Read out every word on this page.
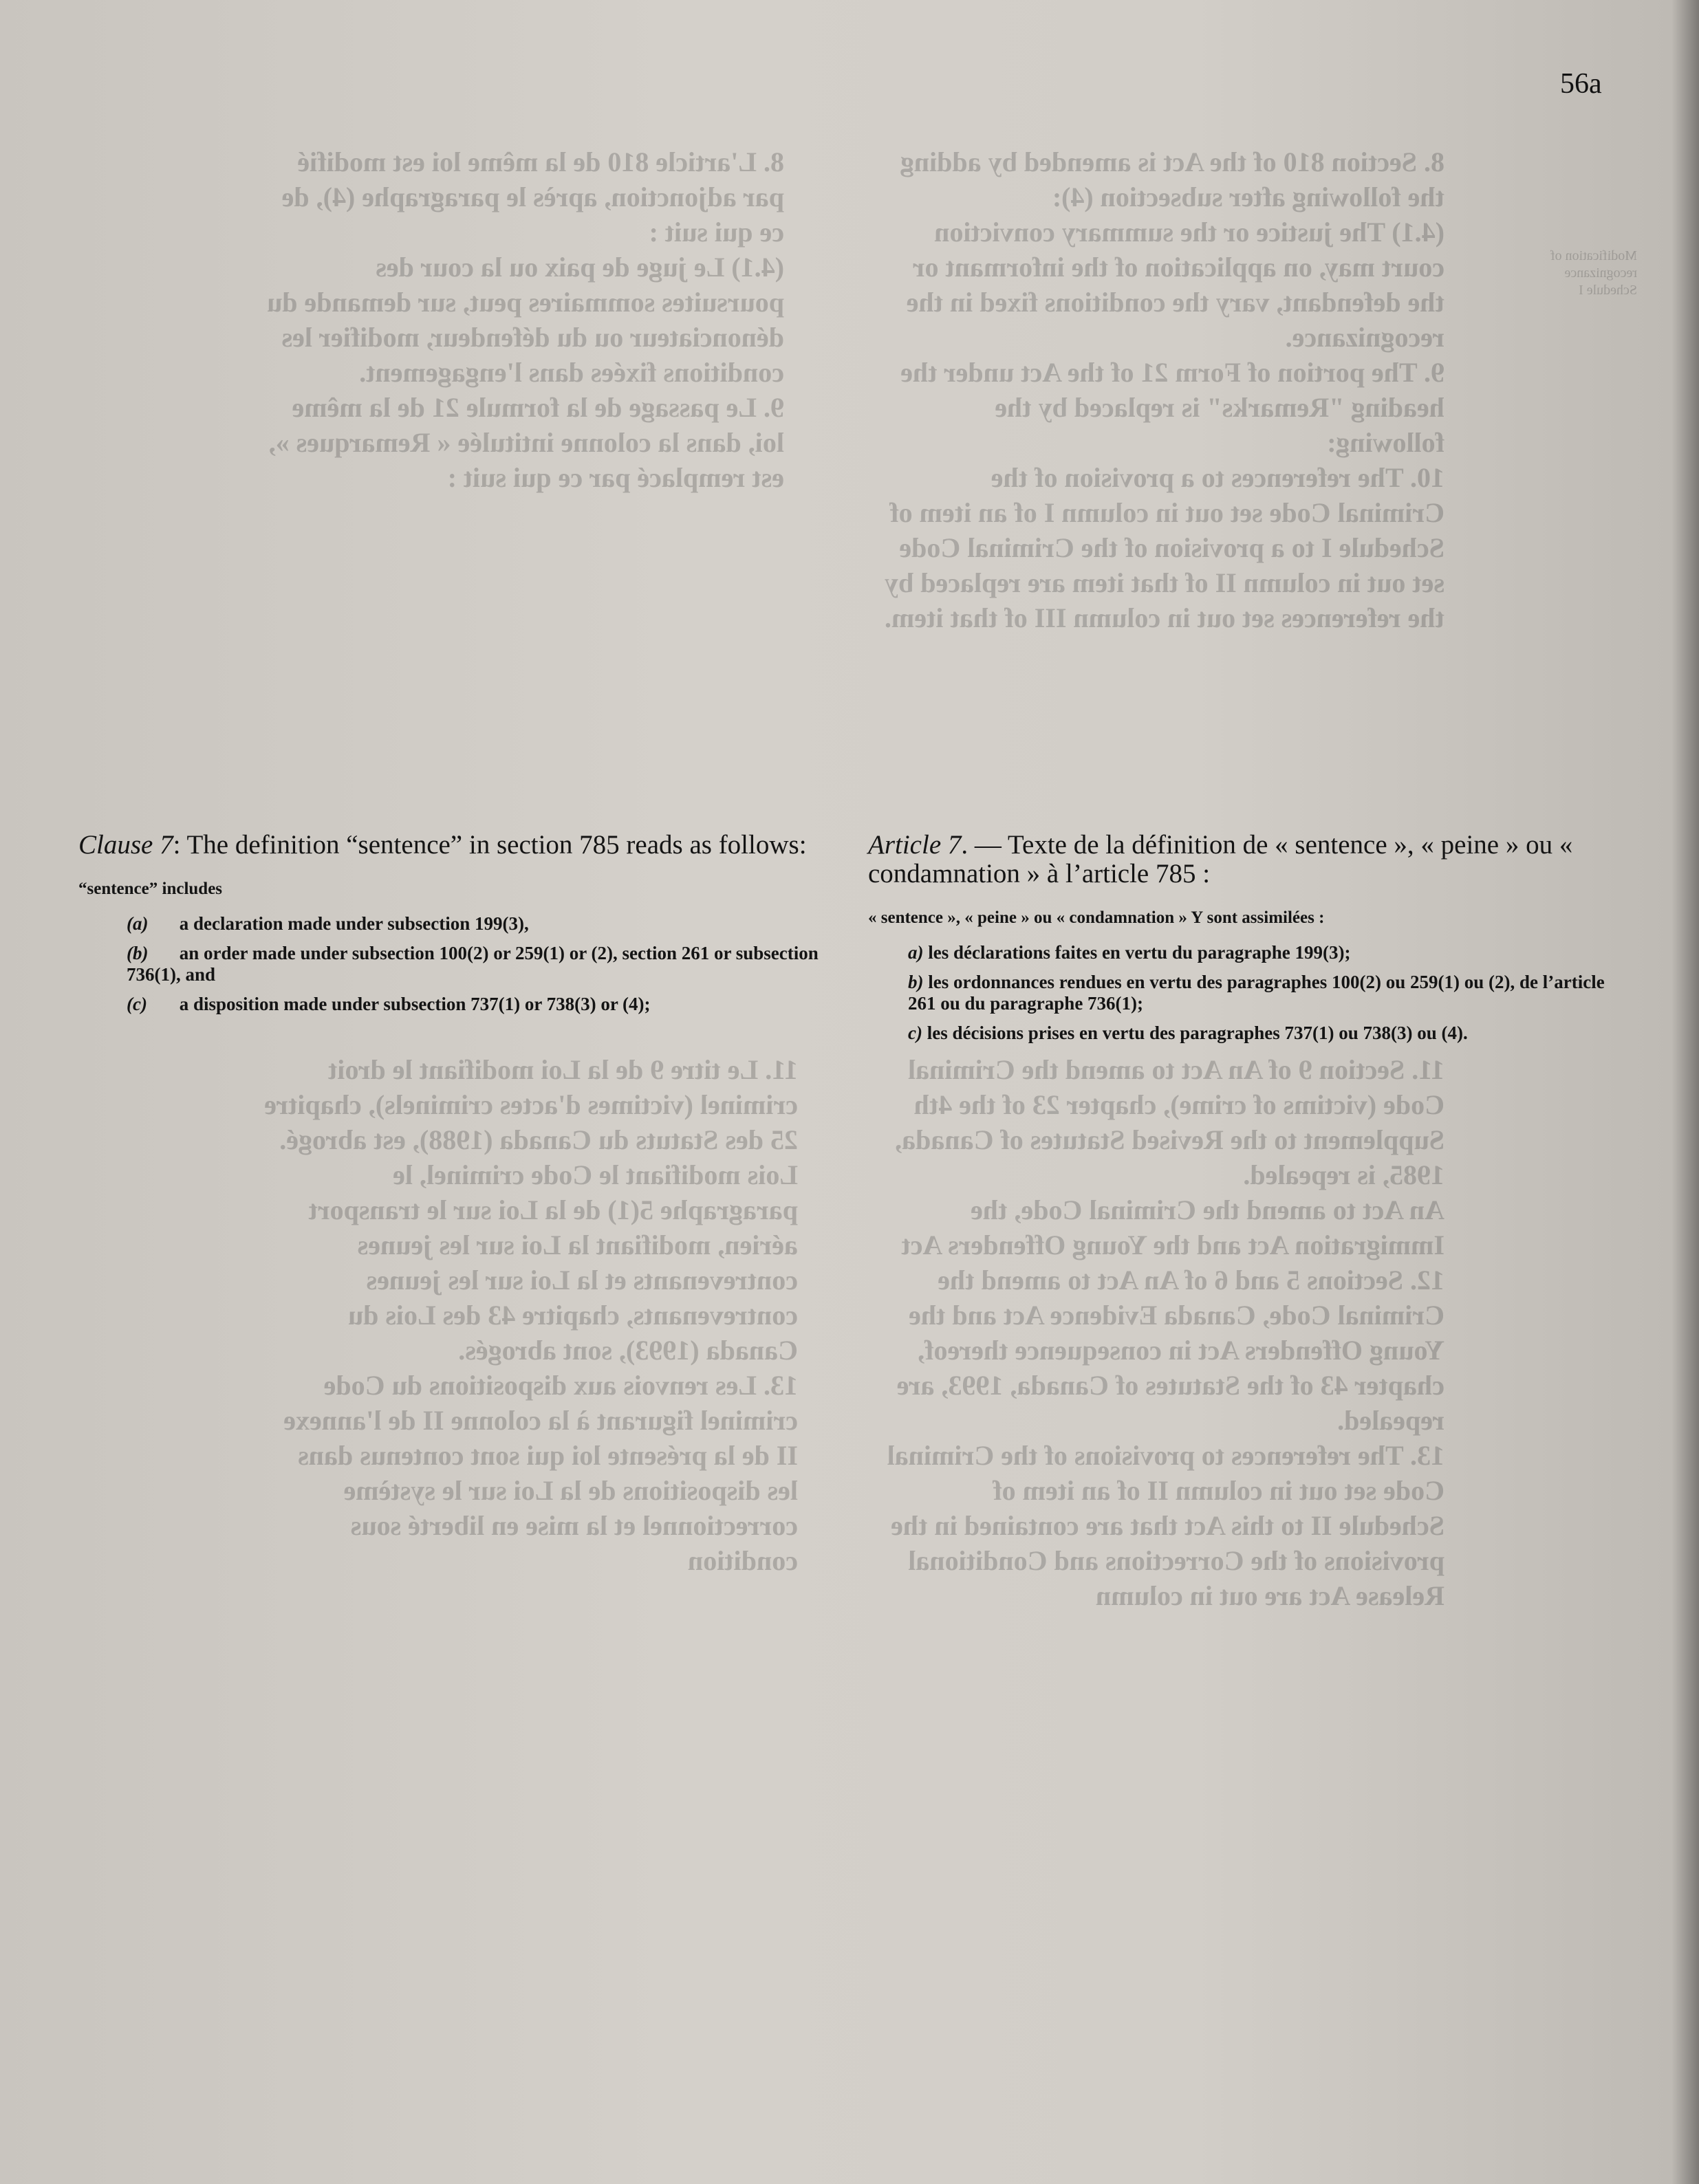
8. L'article 810 de la même loi est modifié par adjonction, après le paragraphe (4), de ce qui suit :
(4.1) Le juge de paix ou la cour des poursuites sommaires peut, sur demande du dénonciateur ou du défendeur, modifier les conditions fixées dans l'engagement.
9. Le passage de la formule 21 de la même loi, dans la colonne intitulée « Remarques », est remplacé par ce qui suit :
8. Section 810 of the Act is amended by adding the following after subsection (4):
(4.1) The justice or the summary conviction court may, on application of the informant or the defendant, vary the conditions fixed in the recognizance.
9. The portion of Form 21 of the Act under the heading "Remarks" is replaced by the following:
10. The references to a provision of the Criminal Code set out in column I of an item of Schedule I to a provision of the Criminal Code set out in column II of that item are replaced by the references set out in column III of that item.
11. Le titre 9 de la Loi modifiant le droit criminel (victimes d'actes criminels), chapitre 25 des Statuts du Canada (1988), est abrogé.
Lois modifiant le Code criminel, le paragraphe 5(1) de la Loi sur le transport aérien, modifiant la Loi sur les jeunes contrevenants et la Loi sur les jeunes contrevenants, chapitre 43 des Lois du Canada (1993), sont abrogés.
13. Les renvois aux dispositions du Code criminel figurant à la colonne II de l'annexe II de la présente loi qui sont contenus dans les dispositions de la Loi sur le système correctionnel et la mise en liberté sous condition
11. Section 9 of An Act to amend the Criminal Code (victims of crime), chapter 23 of the 4th Supplement to the Revised Statutes of Canada, 1985, is repealed.
An Act to amend the Criminal Code, the Immigration Act and the Young Offenders Act
12. Sections 5 and 6 of An Act to amend the Criminal Code, Canada Evidence Act and the Young Offenders Act in consequence thereof, chapter 43 of the Statutes of Canada, 1993, are repealed.
13. The references to provisions of the Criminal Code set out in column II of an item of Schedule II to this Act that are contained in the provisions of the Corrections and Conditional Release Act are out in column
Modification of recognizance
Schedule I
56a

Clause 7: The definition “sentence” in section 785 reads as follows:

“sentence” includes

(a) a declaration made under subsection 199(3),
(b) an order made under subsection 100(2) or 259(1) or (2), section 261 or subsection 736(1), and
(c) a disposition made under subsection 737(1) or 738(3) or (4);

Article 7. — Texte de la définition de « sentence », « peine » ou « condamnation » à l’article 785 :

« sentence », « peine » ou « condamnation » Y sont assimilées :

a) les déclarations faites en vertu du paragraphe 199(3);
b) les ordonnances rendues en vertu des paragraphes 100(2) ou 259(1) ou (2), de l’article 261 ou du paragraphe 736(1);
c) les décisions prises en vertu des paragraphes 737(1) ou 738(3) ou (4).
